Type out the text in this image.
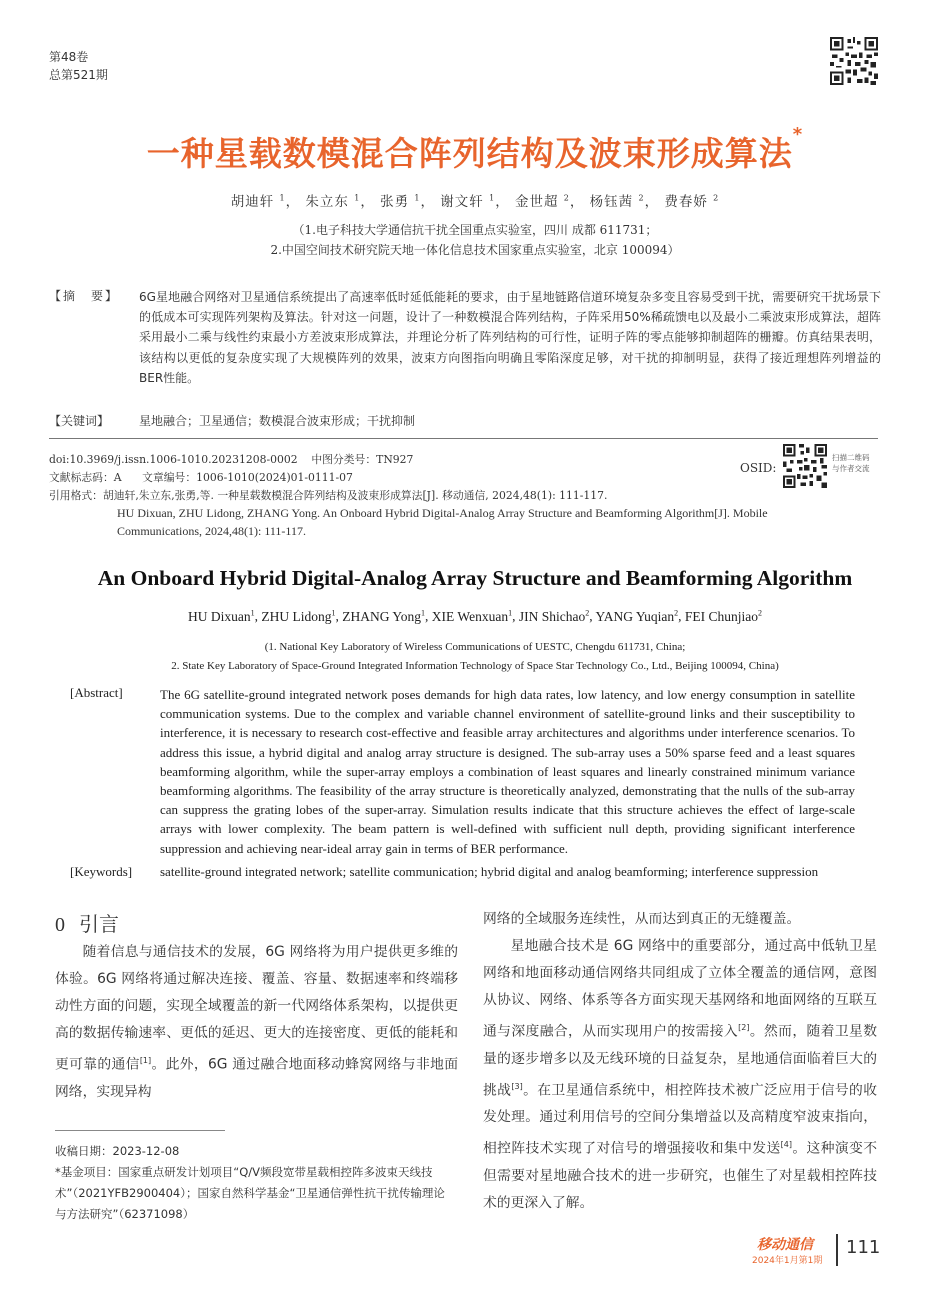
第48卷
总第521期
一种星载数模混合阵列结构及波束形成算法*
胡迪轩 $^1$， 朱立东 $^1$， 张勇 $^1$， 谢文轩 $^1$， 金世超 $^2$， 杨钰茜 $^2$， 费春娇 $^2$
（1.电子科技大学通信抗干扰全国重点实验室，四川 成都 611731；
2.中国空间技术研究院天地一体化信息技术国家重点实验室，北京 100094）
【摘　要】 6G星地融合网络对卫星通信系统提出了高速率低时延低能耗的要求，由于星地链路信道环境复杂多变且容易受到干扰，需要研究干扰场景下的低成本可实现阵列架构及算法。针对这一问题，设计了一种数模混合阵列结构，子阵采用50%稀疏馈电以及最小二乘波束形成算法，超阵采用最小二乘与线性约束最小方差波束形成算法，并理论分析了阵列结构的可行性，证明子阵的零点能够抑制超阵的栅瓣。仿真结果表明，该结构以更低的复杂度实现了大规模阵列的效果，波束方向图指向明确且零陷深度足够，对干扰的抑制明显，获得了接近理想阵列增益的BER性能。
【关键词】 星地融合；卫星通信；数模混合波束形成；干扰抑制
doi:10.3969/j.issn.1006-1010.20231208-0002 中图分类号：TN927
文献标志码：A 文章编号：1006-1010(2024)01-0111-07
引用格式：胡迪轩,朱立东,张勇,等. 一种星载数模混合阵列结构及波束形成算法[J]. 移动通信, 2024,48(1): 111-117.
HU Dixuan, ZHU Lidong, ZHANG Yong. An Onboard Hybrid Digital-Analog Array Structure and Beamforming Algorithm[J]. Mobile
Communications, 2024,48(1): 111-117.
OSID:
扫描二维码
与作者交流
An Onboard Hybrid Digital-Analog Array Structure and Beamforming Algorithm
HU Dixuan$^1$, ZHU Lidong$^1$, ZHANG Yong$^1$, XIE Wenxuan$^1$, JIN Shichao$^2$, YANG Yuqian$^2$, FEI Chunjiao$^2$
(1. National Key Laboratory of Wireless Communications of UESTC, Chengdu 611731, China;
2. State Key Laboratory of Space-Ground Integrated Information Technology of Space Star Technology Co., Ltd., Beijing 100094, China)
[Abstract]	The 6G satellite-ground integrated network poses demands for high data rates, low latency, and low energy consumption in satellite communication systems. Due to the complex and variable channel environment of satellite-ground links and their susceptibility to interference, it is necessary to research cost-effective and feasible array architectures and algorithms under interference scenarios. To address this issue, a hybrid digital and analog array structure is designed. The sub-array uses a 50% sparse feed and a least squares beamforming algorithm, while the super-array employs a combination of least squares and linearly constrained minimum variance beamforming algorithms. The feasibility of the array structure is theoretically analyzed, demonstrating that the nulls of the sub-array can suppress the grating lobes of the super-array. Simulation results indicate that this structure achieves the effect of large-scale arrays with lower complexity. The beam pattern is well-defined with sufficient null depth, providing significant interference suppression and achieving near-ideal array gain in terms of BER performance.
[Keywords] satellite-ground integrated network; satellite communication; hybrid digital and analog beamforming; interference suppression
0 引言

随着信息与通信技术的发展，6G 网络将为用户提供更多维的体验。6G 网络将通过解决连接、覆盖、容量、数据速率和终端移动性方面的问题，实现全域覆盖的新一代网络体系架构，以提供更高的数据传输速率、更低的延迟、更大的连接密度、更低的能耗和更可靠的通信[1]。此外，6G 通过融合地面移动蜂窝网络与非地面网络，实现异构

网络的全域服务连续性，从而达到真正的无缝覆盖。

星地融合技术是 6G 网络中的重要部分，通过高中低轨卫星网络和地面移动通信网络共同组成了立体全覆盖的通信网，意图从协议、网络、体系等各方面实现天基网络和地面网络的互联互通与深度融合，从而实现用户的按需接入[2]。然而，随着卫星数量的逐步增多以及无线环境的日益复杂，星地通信面临着巨大的挑战[3]。在卫星通信系统中，相控阵技术被广泛应用于信号的收发处理。通过利用信号的空间分集增益以及高精度窄波束指向，相控阵技术实现了对信号的增强接收和集中发送[4]。这种演变不但需要对星地融合技术的进一步研究，也催生了对星载相控阵技术的更深入了解。

收稿日期：2023-12-08

*基金项目：国家重点研发计划项目“Q/V频段宽带星载相控阵多波束天线技术”（2021YFB2900404）；国家自然科学基金“卫星通信弹性抗干扰传输理论与方法研究”（62371098）

移动通信
2024年1月第1期
111
